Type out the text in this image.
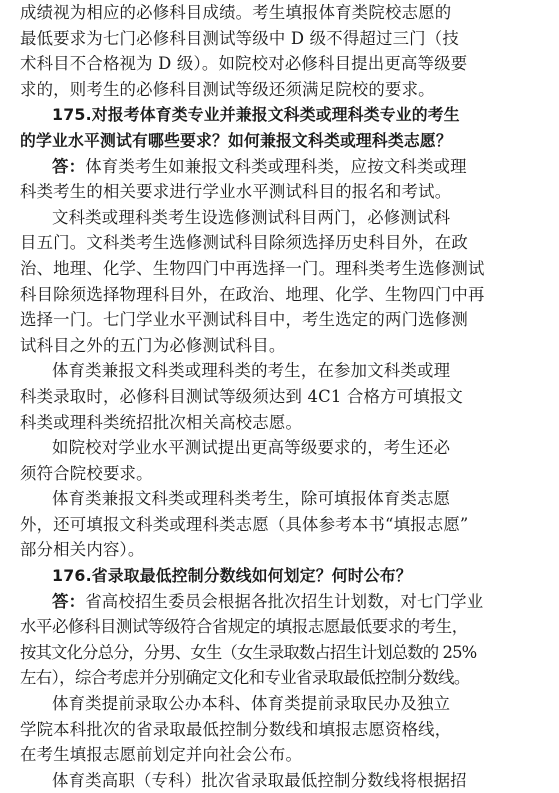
成绩视为相应的必修科目成绩。考生填报体育类院校志愿的
最低要求为七门必修科目测试等级中 D 级不得超过三门（技
术科目不合格视为 D 级）。如院校对必修科目提出更高等级要
求的，则考生的必修科目测试等级还须满足院校的要求。
175.对报考体育类专业并兼报文科类或理科类专业的考生
的学业水平测试有哪些要求？如何兼报文科类或理科类志愿？
答：体育类考生如兼报文科类或理科类，应按文科类或理
科类考生的相关要求进行学业水平测试科目的报名和考试。
文科类或理科类考生设选修测试科目两门，必修测试科
目五门。文科类考生选修测试科目除须选择历史科目外，在政
治、地理、化学、生物四门中再选择一门。理科类考生选修测试
科目除须选择物理科目外，在政治、地理、化学、生物四门中再
选择一门。七门学业水平测试科目中，考生选定的两门选修测
试科目之外的五门为必修测试科目。
体育类兼报文科类或理科类的考生，在参加文科类或理
科类录取时，必修科目测试等级须达到 4C1 合格方可填报文
科类或理科类统招批次相关高校志愿。
如院校对学业水平测试提出更高等级要求的，考生还必
须符合院校要求。
体育类兼报文科类或理科类考生，除可填报体育类志愿
外，还可填报文科类或理科类志愿（具体参考本书“填报志愿”
部分相关内容）。
176.省录取最低控制分数线如何划定？何时公布？
答：省高校招生委员会根据各批次招生计划数，对七门学业
水平必修科目测试等级符合省规定的填报志愿最低要求的考生，
按其文化分总分，分男、女生（女生录取数占招生计划总数的 25%
左右），综合考虑并分别确定文化和专业省录取最低控制分数线。
体育类提前录取公办本科、体育类提前录取民办及独立
学院本科批次的省录取最低控制分数线和填报志愿资格线，
在考生填报志愿前划定并向社会公布。
体育类高职（专科）批次省录取最低控制分数线将根据招
